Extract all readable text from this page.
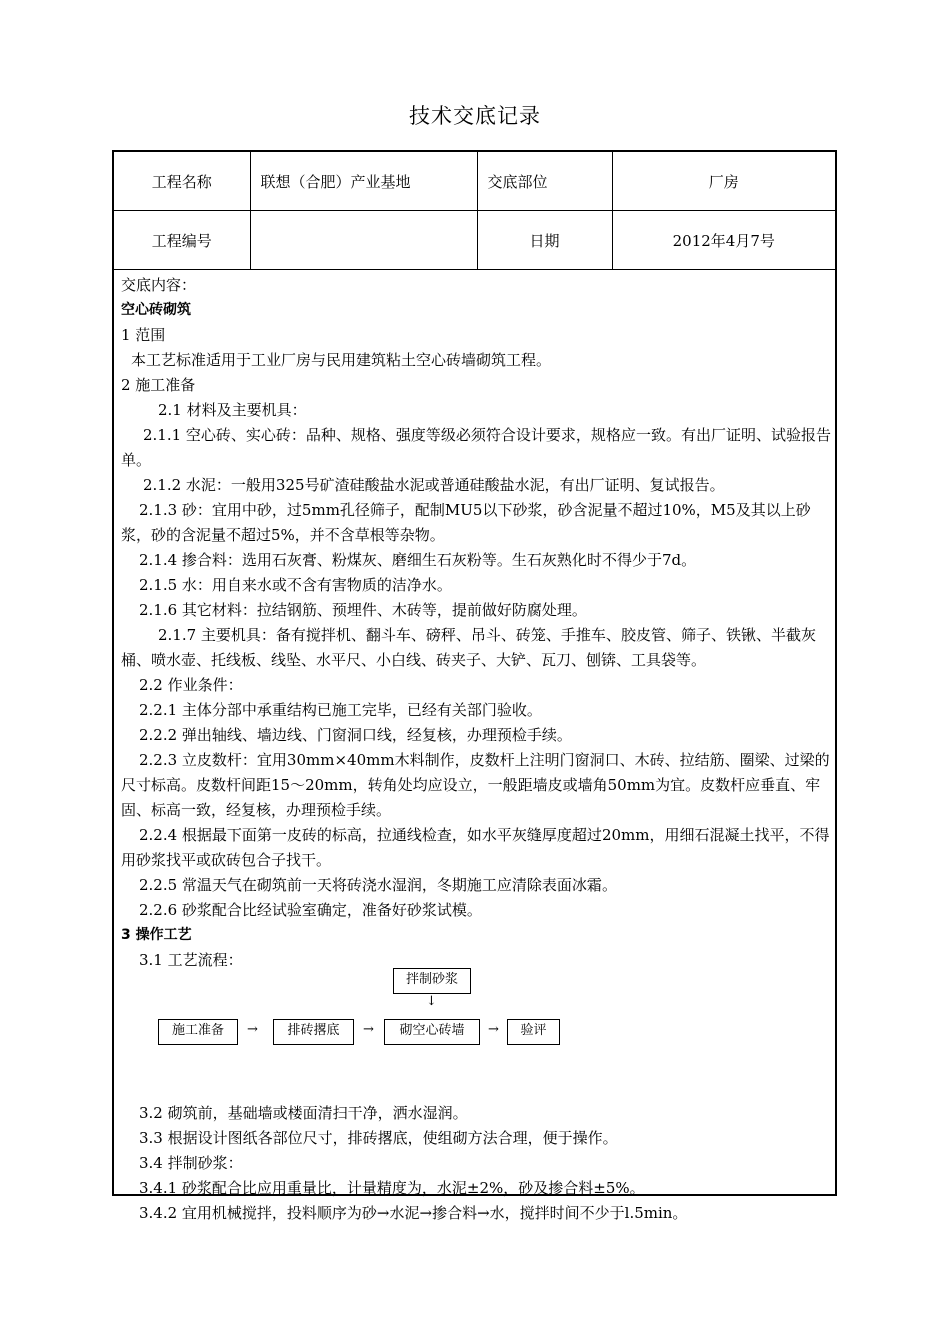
技术交底记录
工程名称	联想（合肥）产业基地	交底部位	厂房
工程编号		日期	2012年4月7号

交底内容：

空心砖砌筑

1 范围

本工艺标准适用于工业厂房与民用建筑粘土空心砖墙砌筑工程。

2 施工准备

2.1 材料及主要机具：

2.1.1 空心砖、实心砖：品种、规格、强度等级必须符合设计要求，规格应一致。有出厂证明、试验报告单。

2.1.2 水泥：一般用325号矿渣硅酸盐水泥或普通硅酸盐水泥，有出厂证明、复试报告。

2.1.3 砂：宜用中砂，过5mm孔径筛子，配制MU5以下砂浆，砂含泥量不超过10%，M5及其以上砂浆，砂的含泥量不超过5%，并不含草根等杂物。

2.1.4 掺合料：选用石灰膏、粉煤灰、磨细生石灰粉等。生石灰熟化时不得少于7d。

2.1.5 水：用自来水或不含有害物质的洁净水。

2.1.6 其它材料：拉结钢筋、预埋件、木砖等，提前做好防腐处理。

2.1.7 主要机具：备有搅拌机、翻斗车、磅秤、吊斗、砖笼、手推车、胶皮管、筛子、铁锹、半截灰桶、喷水壶、托线板、线坠、水平尺、小白线、砖夹子、大铲、瓦刀、刨锛、工具袋等。

2.2 作业条件：

2.2.1 主体分部中承重结构已施工完毕，已经有关部门验收。

2.2.2 弹出轴线、墙边线、门窗洞口线，经复核，办理预检手续。

2.2.3 立皮数杆：宜用30mm×40mm木料制作，皮数杆上注明门窗洞口、木砖、拉结筋、圈梁、过梁的尺寸标高。皮数杆间距15～20mm，转角处均应设立，一般距墙皮或墙角50mm为宜。皮数杆应垂直、牢固、标高一致，经复核，办理预检手续。

2.2.4 根据最下面第一皮砖的标高，拉通线检查，如水平灰缝厚度超过20mm，用细石混凝土找平，不得用砂浆找平或砍砖包合子找干。

2.2.5 常温天气在砌筑前一天将砖浇水湿润，冬期施工应清除表面冰霜。

2.2.6 砂浆配合比经试验室确定，准备好砂浆试模。

3 操作工艺

3.1 工艺流程：

拌制砂浆
↓
施工准备	→	排砖撂底	→	砌空心砖墙	→	验评

3.2 砌筑前，基础墙或楼面清扫干净，洒水湿润。

3.3 根据设计图纸各部位尺寸，排砖撂底，使组砌方法合理，便于操作。

3.4 拌制砂浆：

3.4.1 砂浆配合比应用重量比，计量精度为，水泥±2%，砂及掺合料±5%。

3.4.2 宜用机械搅拌，投料顺序为砂→水泥→掺合料→水，搅拌时间不少于l.5min。
